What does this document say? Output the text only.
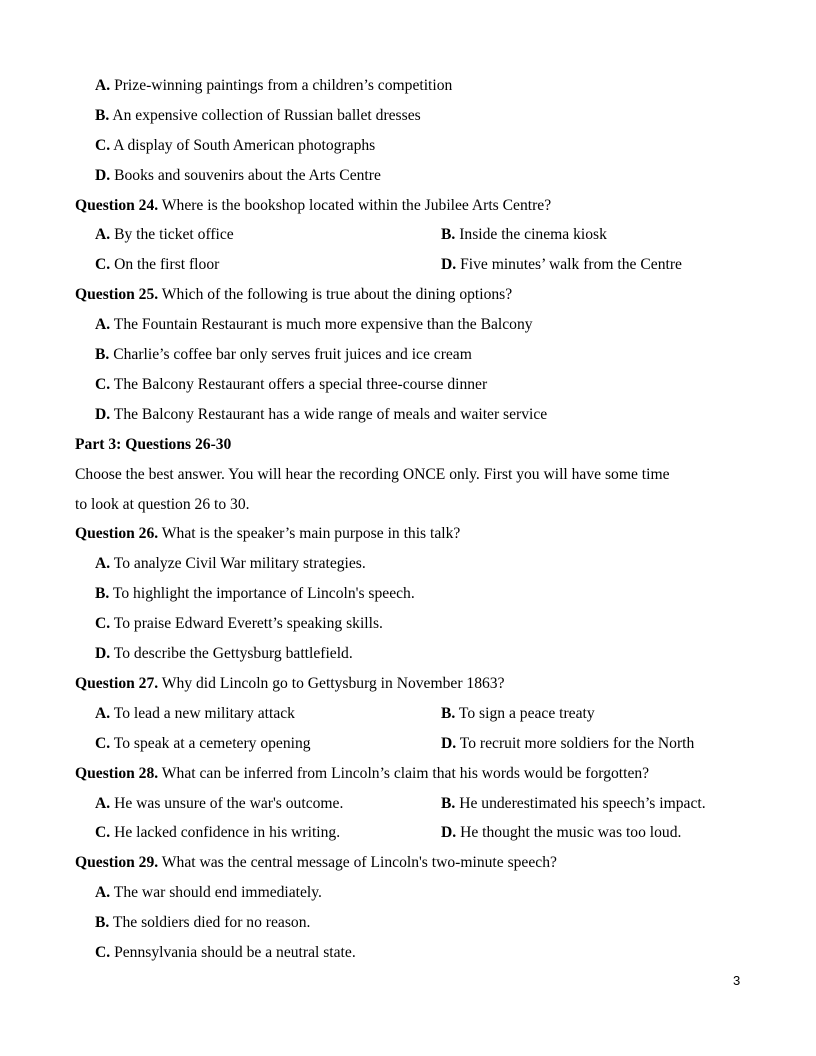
A. Prize-winning paintings from a children’s competition
B. An expensive collection of Russian ballet dresses
C. A display of South American photographs
D. Books and souvenirs about the Arts Centre
Question 24. Where is the bookshop located within the Jubilee Arts Centre?
A. By the ticket office	B. Inside the cinema kiosk
C. On the first floor	D. Five minutes’ walk from the Centre
Question 25. Which of the following is true about the dining options?
A. The Fountain Restaurant is much more expensive than the Balcony
B. Charlie’s coffee bar only serves fruit juices and ice cream
C. The Balcony Restaurant offers a special three-course dinner
D. The Balcony Restaurant has a wide range of meals and waiter service
Part 3: Questions 26-30
Choose the best answer. You will hear the recording ONCE only. First you will have some time
to look at question 26 to 30.
Question 26. What is the speaker’s main purpose in this talk?
A. To analyze Civil War military strategies.
B. To highlight the importance of Lincoln's speech.
C. To praise Edward Everett’s speaking skills.
D. To describe the Gettysburg battlefield.
Question 27. Why did Lincoln go to Gettysburg in November 1863?
A. To lead a new military attack	B. To sign a peace treaty
C. To speak at a cemetery opening	D. To recruit more soldiers for the North
Question 28. What can be inferred from Lincoln’s claim that his words would be forgotten?
A. He was unsure of the war's outcome.	B. He underestimated his speech’s impact.
C. He lacked confidence in his writing.	D. He thought the music was too loud.
Question 29. What was the central message of Lincoln's two-minute speech?
A. The war should end immediately.
B. The soldiers died for no reason.
C. Pennsylvania should be a neutral state.
3
